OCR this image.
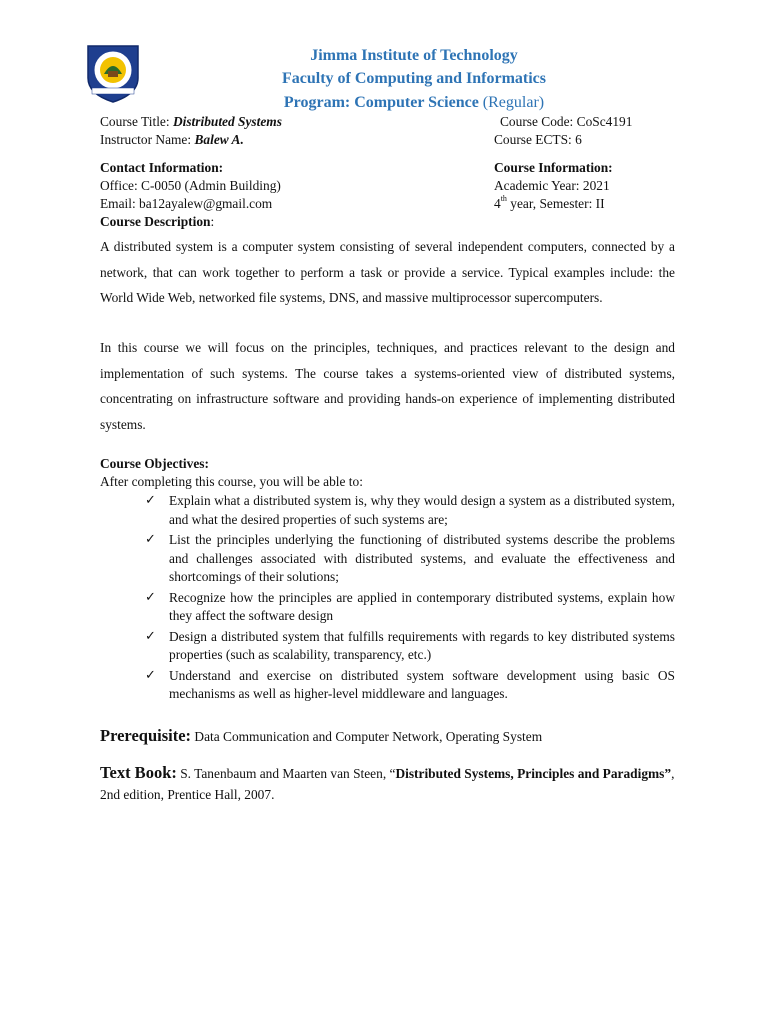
Jimma Institute of Technology
Faculty of Computing and Informatics
Program: Computer Science (Regular)
Course Title: Distributed Systems	Course Code: CoSc4191
Instructor Name: Balew A.	Course ECTS: 6
Contact Information:
Office: C-0050 (Admin Building)
Email: ba12ayalew@gmail.com
Course Information:
Academic Year: 2021
4th year, Semester: II
Course Description:

A distributed system is a computer system consisting of several independent computers, connected by a network, that can work together to perform a task or provide a service. Typical examples include: the World Wide Web, networked file systems, DNS, and massive multiprocessor supercomputers.

In this course we will focus on the principles, techniques, and practices relevant to the design and implementation of such systems. The course takes a systems-oriented view of distributed systems, concentrating on infrastructure software and providing hands-on experience of implementing distributed systems.

Course Objectives:
After completing this course, you will be able to:
✓ Explain what a distributed system is, why they would design a system as a distributed system, and what the desired properties of such systems are;
✓ List the principles underlying the functioning of distributed systems describe the problems and challenges associated with distributed systems, and evaluate the effectiveness and shortcomings of their solutions;
✓ Recognize how the principles are applied in contemporary distributed systems, explain how they affect the software design
✓ Design a distributed system that fulfills requirements with regards to key distributed systems properties (such as scalability, transparency, etc.)
✓ Understand and exercise on distributed system software development using basic OS mechanisms as well as higher-level middleware and languages.
Prerequisite: Data Communication and Computer Network, Operating System
Text Book: S. Tanenbaum and Maarten van Steen, “Distributed Systems, Principles and Paradigms”, 2nd edition, Prentice Hall, 2007.
